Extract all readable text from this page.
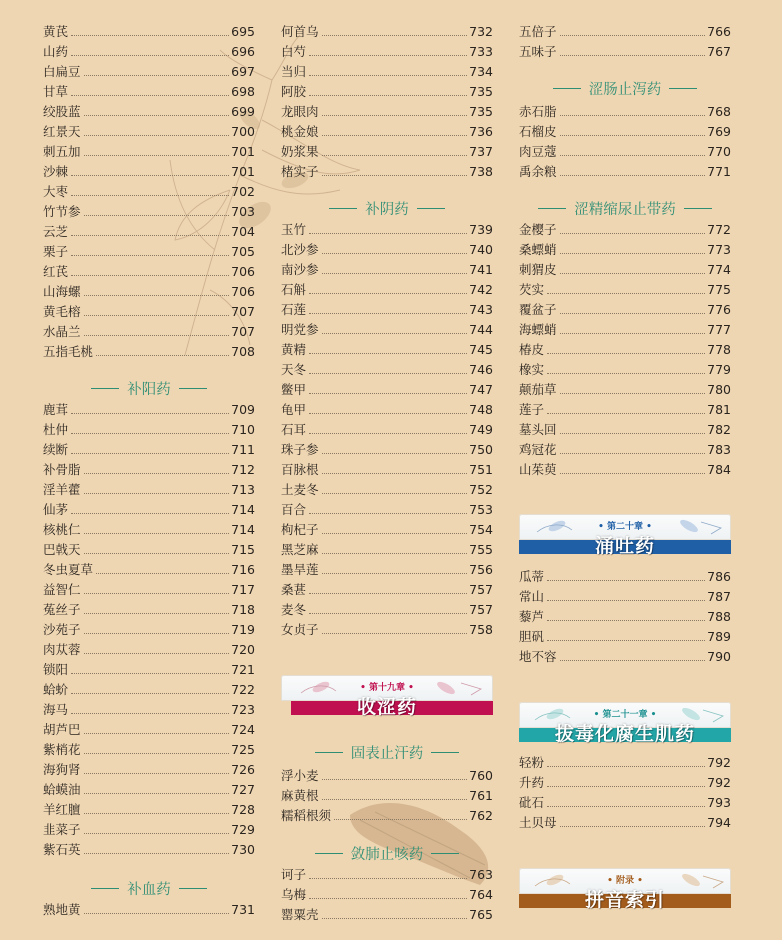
补阳药
补血药
黄芪	695
山药	696
白扁豆	697
甘草	698
绞股蓝	699
红景天	700
刺五加	701
沙棘	701
大枣	702
竹节参	703
云芝	704
栗子	705
红芪	706
山海螺	706
黄毛榕	707
水晶兰	707
五指毛桃	708
鹿茸	709
杜仲	710
续断	711
补骨脂	712
淫羊藿	713
仙茅	714
核桃仁	714
巴戟天	715
冬虫夏草	716
益智仁	717
菟丝子	718
沙苑子	719
肉苁蓉	720
锁阳	721
蛤蚧	722
海马	723
胡芦巴	724
紫梢花	725
海狗肾	726
蛤蟆油	727
羊红膻	728
韭菜子	729
紫石英	730
熟地黄	731
补阴药
• 第十九章 •
收涩药
固表止汗药
敛肺止咳药
何首乌	732
白芍	733
当归	734
阿胶	735
龙眼肉	735
桃金娘	736
奶浆果	737
楮实子	738
玉竹	739
北沙参	740
南沙参	741
石斛	742
石莲	743
明党参	744
黄精	745
天冬	746
鳖甲	747
龟甲	748
石耳	749
珠子参	750
百脉根	751
土麦冬	752
百合	753
枸杞子	754
黑芝麻	755
墨旱莲	756
桑葚	757
麦冬	757
女贞子	758
浮小麦	760
麻黄根	761
糯稻根须	762
诃子	763
乌梅	764
罂粟壳	765
涩肠止泻药
涩精缩尿止带药
• 第二十章 •
涌吐药
• 第二十一章 •
拔毒化腐生肌药
• 附录 •
拼音索引
五倍子	766
五味子	767
赤石脂	768
石榴皮	769
肉豆蔻	770
禹余粮	771
金樱子	772
桑螵蛸	773
刺猬皮	774
芡实	775
覆盆子	776
海螵蛸	777
椿皮	778
橡实	779
颠茄草	780
莲子	781
墓头回	782
鸡冠花	783
山茱萸	784
瓜蒂	786
常山	787
藜芦	788
胆矾	789
地不容	790
轻粉	792
升药	792
砒石	793
土贝母	794
